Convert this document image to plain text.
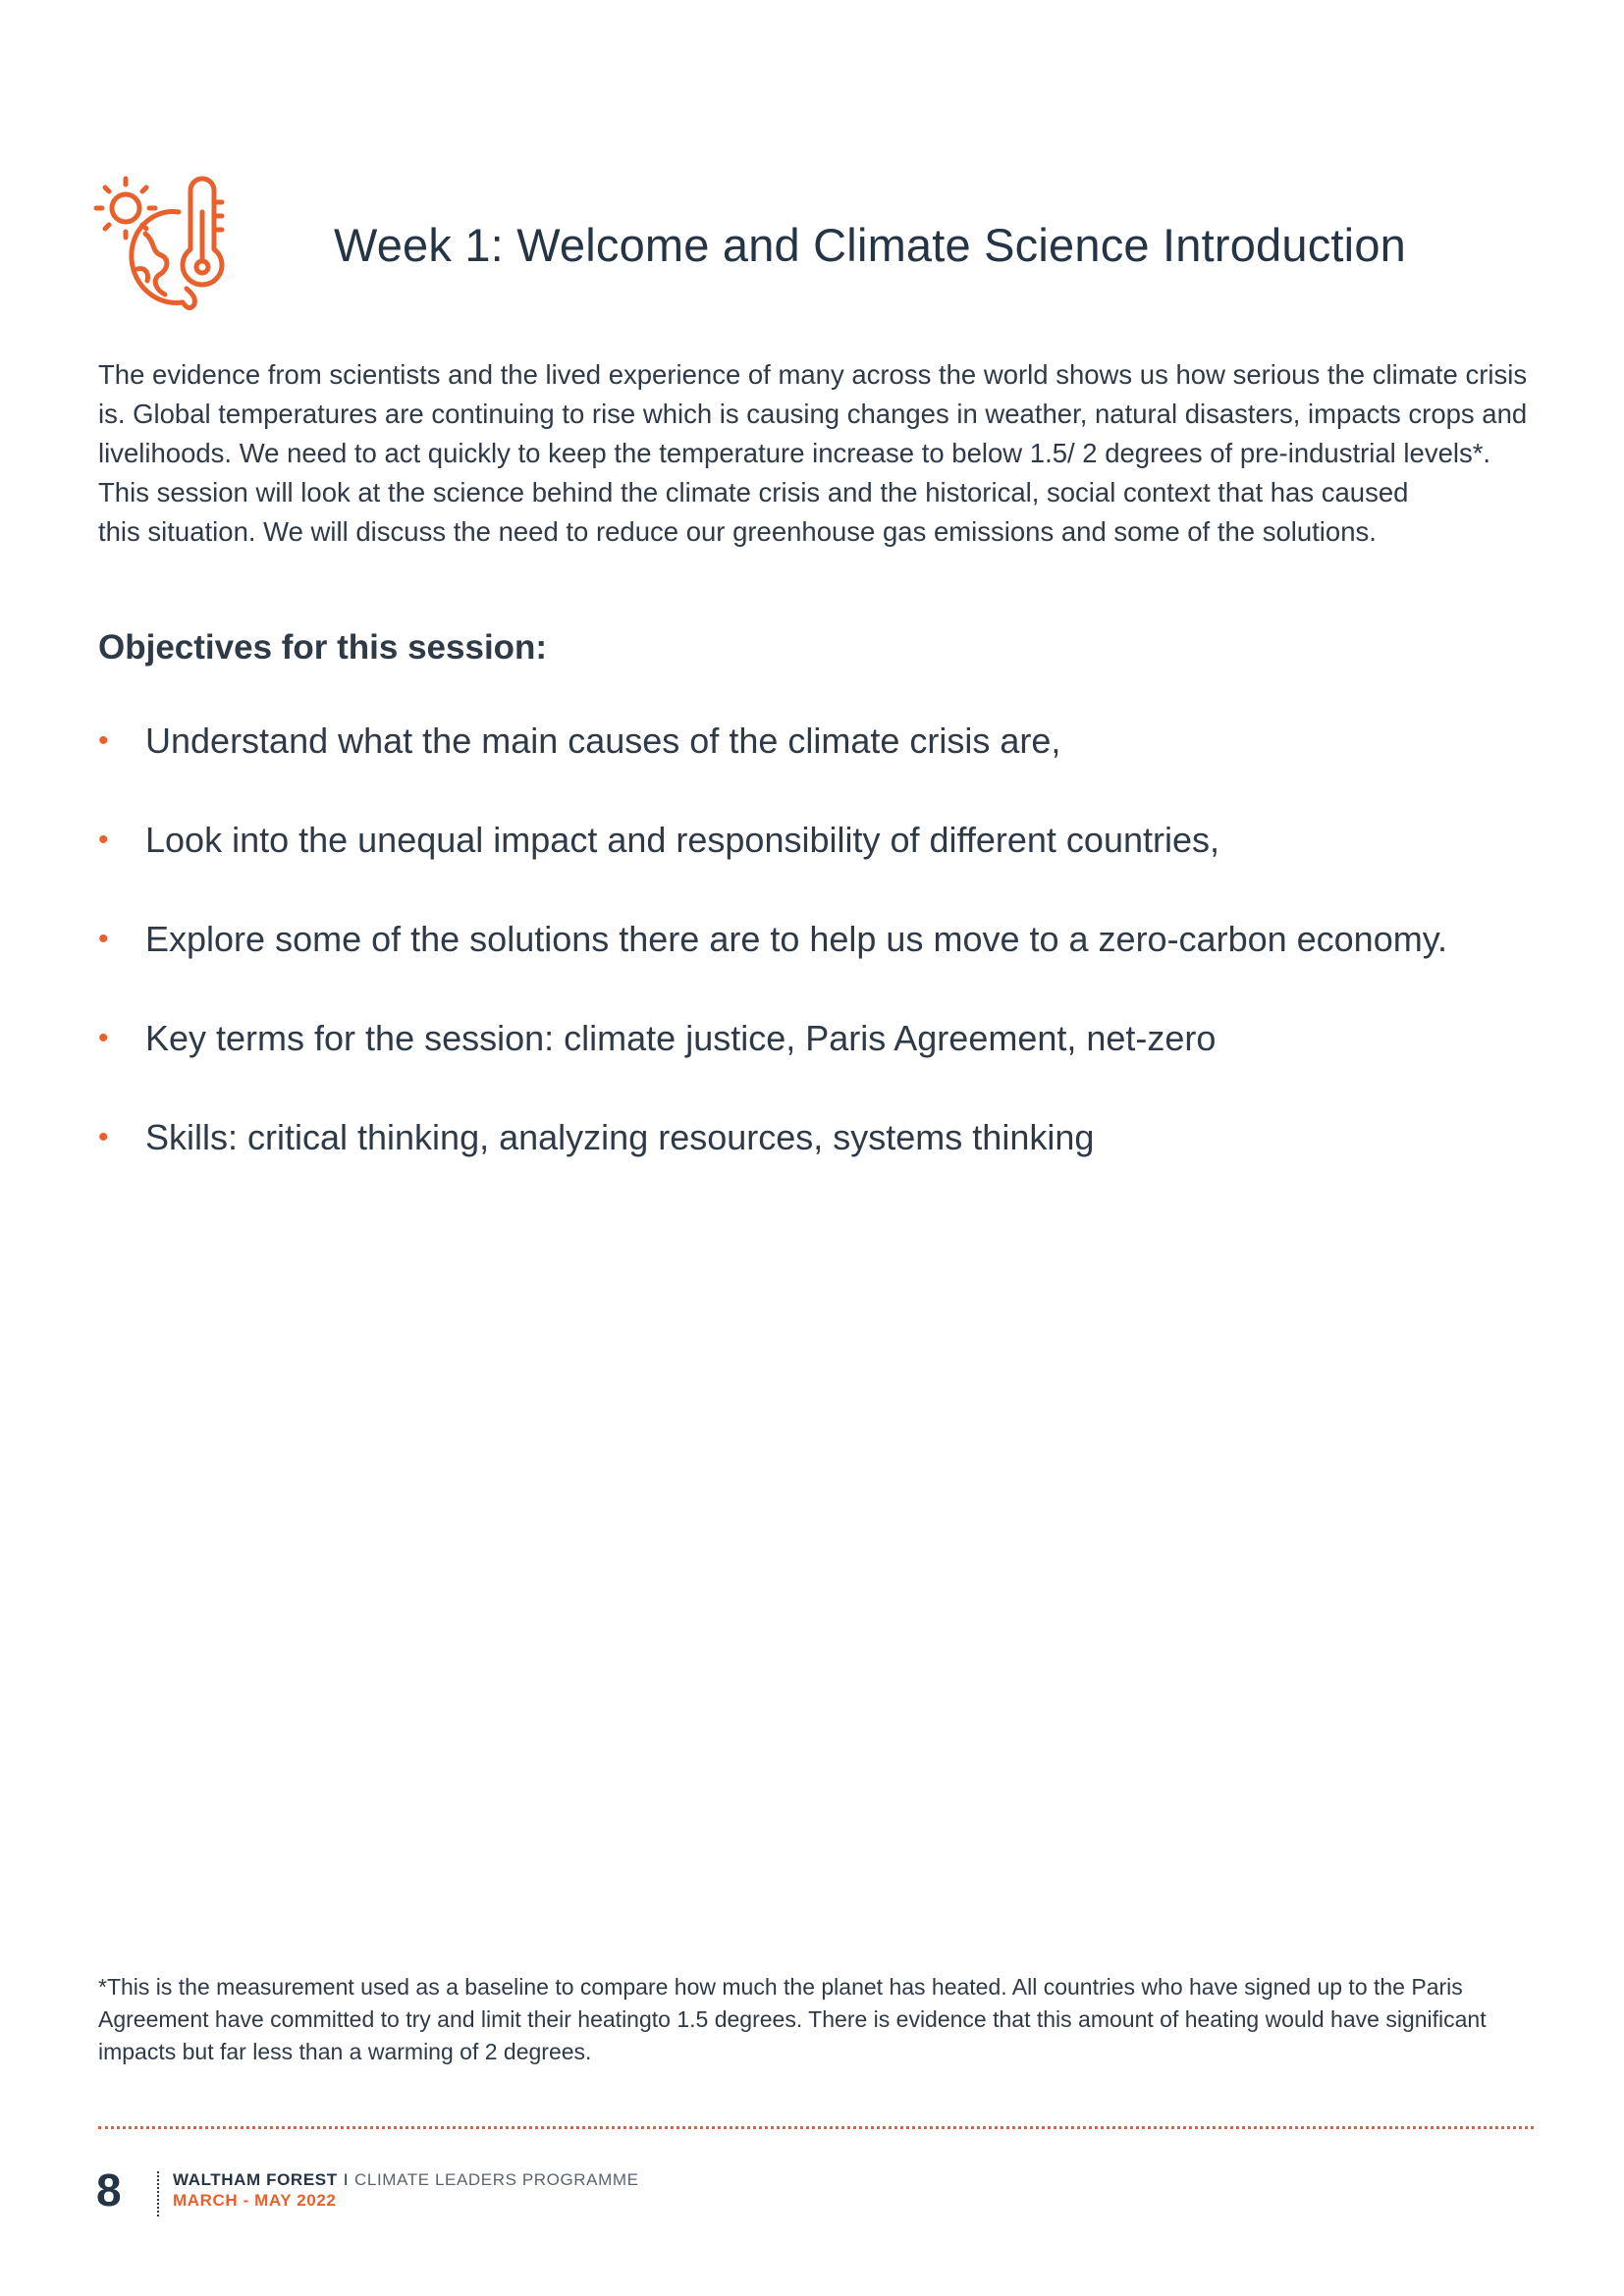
Week 1: Welcome and Climate Science Introduction

The evidence from scientists and the lived experience of many across the world shows us how serious the climate crisis

is. Global temperatures are continuing to rise which is causing changes in weather, natural disasters, impacts crops and

livelihoods. We need to act quickly to keep the temperature increase to below 1.5/ 2 degrees of pre-industrial levels*.

This session will look at the science behind the climate crisis and the historical, social context that has caused

this situation. We will discuss the need to reduce our greenhouse gas emissions and some of the solutions.

Objectives for this session:
• Understand what the main causes of the climate crisis are,
• Look into the unequal impact and responsibility of different countries,
• Explore some of the solutions there are to help us move to a zero-carbon economy.
• Key terms for the session: climate justice, Paris Agreement, net-zero
• Skills: critical thinking, analyzing resources, systems thinking

*This is the measurement used as a baseline to compare how much the planet has heated. All countries who have signed up to the Paris

Agreement have committed to try and limit their heatingto 1.5 degrees. There is evidence that this amount of heating would have significant

impacts but far less than a warming of 2 degrees.

8	WALTHAM FOREST I CLIMATE LEADERS PROGRAMME
MARCH - MAY 2022
